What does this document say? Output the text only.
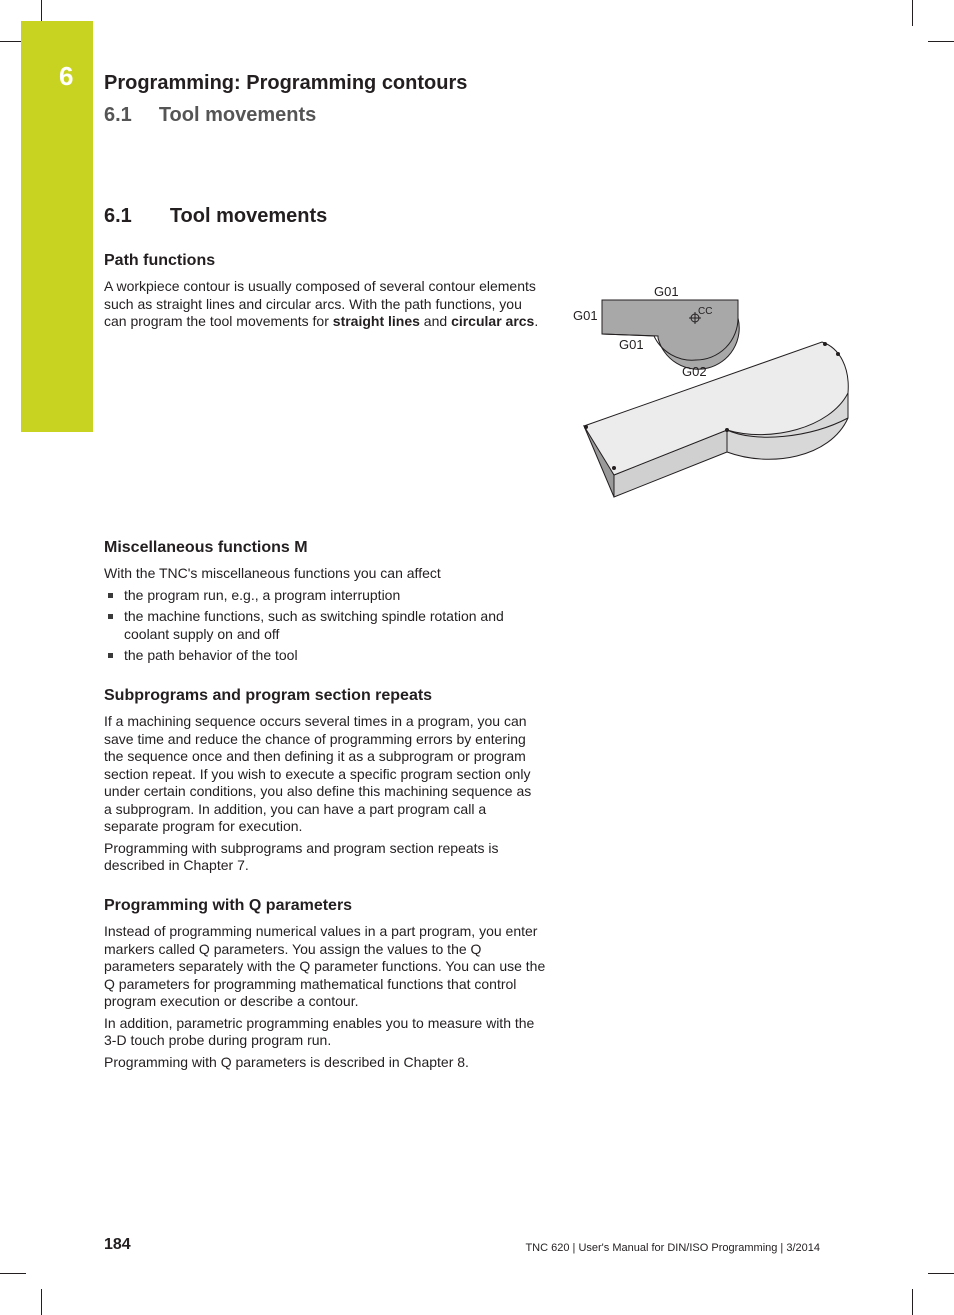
6	Programming: Programming contours
6.1 Tool movements
6.1 Tool movements
Path functions

A workpiece contour is usually composed of several contour elements such as straight lines and circular arcs. With the path functions, you can program the tool movements for straight lines and circular arcs.

G01
G01
G01
G02
CC
Miscellaneous functions M

With the TNC's miscellaneous functions you can affect

the program run, e.g., a program interruption
the machine functions, such as switching spindle rotation and coolant supply on and off
the path behavior of the tool
Subprograms and program section repeats

If a machining sequence occurs several times in a program, you can save time and reduce the chance of programming errors by entering the sequence once and then defining it as a subprogram or program section repeat. If you wish to execute a specific program section only under certain conditions, you also define this machining sequence as a subprogram. In addition, you can have a part program call a separate program for execution.

Programming with subprograms and program section repeats is described in Chapter 7.

Programming with Q parameters

Instead of programming numerical values in a part program, you enter markers called Q parameters. You assign the values to the Q parameters separately with the Q parameter functions. You can use the Q parameters for programming mathematical functions that control program execution or describe a contour.

In addition, parametric programming enables you to measure with the 3-D touch probe during program run.

Programming with Q parameters is described in Chapter 8.

184	TNC 620 | User's Manual for DIN/ISO Programming | 3/2014
